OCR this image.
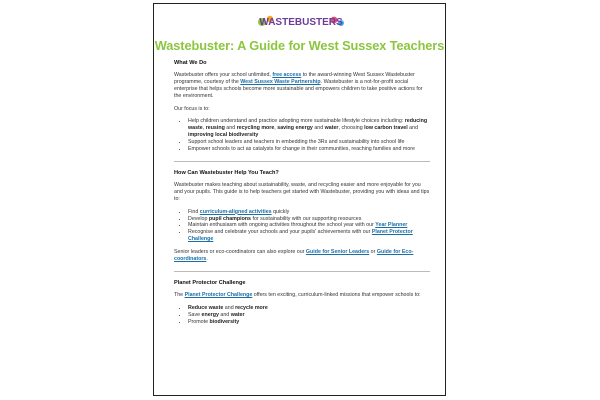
WASTEBUSTERS
Wastebuster: A Guide for West Sussex Teachers
What We Do

Wastebuster offers your school unlimited, free access to the award-winning West Sussex Wastebuster programme, courtesy of the West Sussex Waste Partnership. Wastebuster is a not-for-profit social enterprise that helps schools become more sustainable and empowers children to take positive actions for the environment.

Our focus is to:

• Help children understand and practice adopting more sustainable lifestyle choices including: reducing waste, reusing and recycling more, saving energy and water, choosing low carbon travel and improving local biodiversity
• Support school leaders and teachers in embedding the 3Rs and sustainability into school life
• Empower schools to act as catalysts for change in their communities, reaching families and more
How Can Wastebuster Help You Teach?

Wastebuster makes teaching about sustainability, waste, and recycling easier and more enjoyable for you and your pupils. This guide is to help teachers get started with Wastebuster, providing you with ideas and tips to:

• Find curriculum-aligned activities quickly
• Develop pupil champions for sustainability with our supporting resources
• Maintain enthusiasm with ongoing activities throughout the school year with our Year Planner
• Recognise and celebrate your schools and your pupils' achievements with our Planet Protector Challenge

Senior leaders or eco-coordinators can also explore our Guide for Senior Leaders or Guide for Eco-coordinators.

Planet Protector Challenge

The Planet Protector Challenge offers ten exciting, curriculum-linked missions that empower schools to:

• Reduce waste and recycle more
• Save energy and water
• Promote biodiversity
